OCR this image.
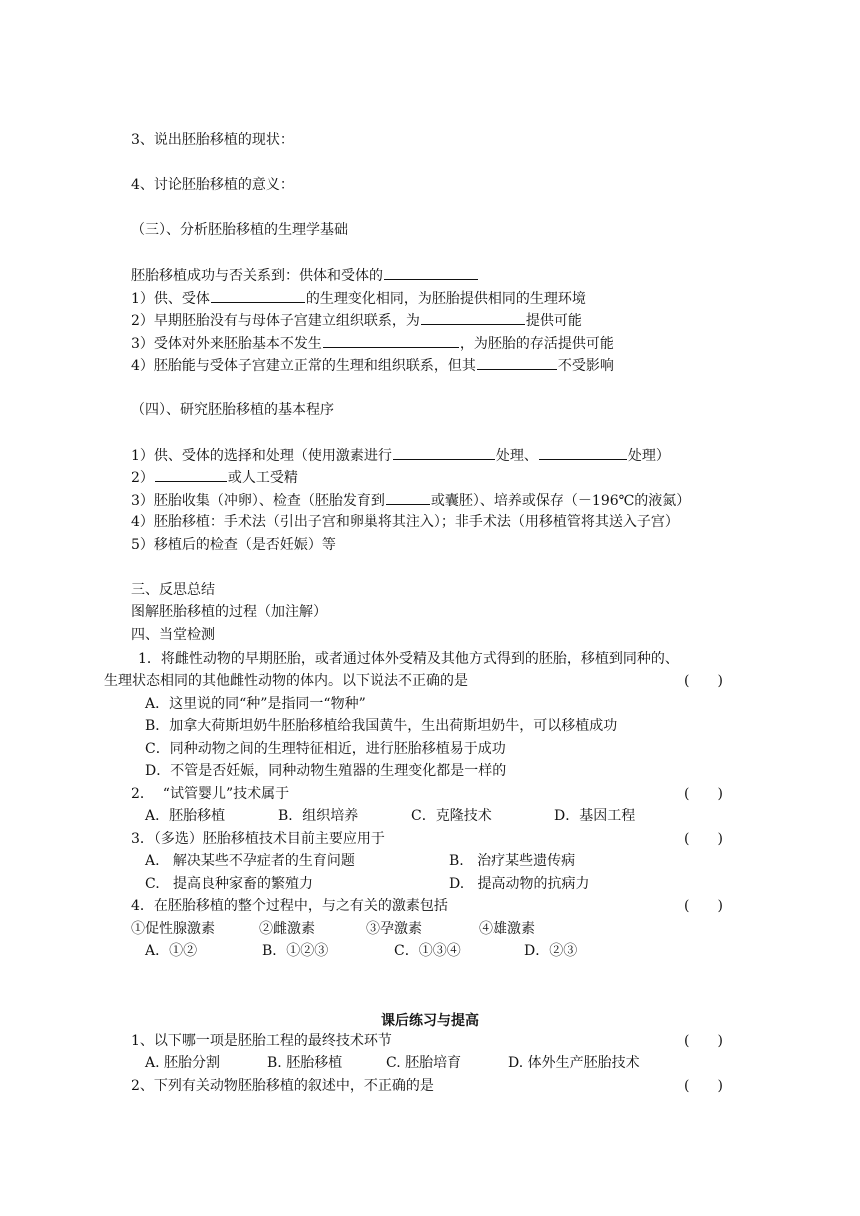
3、说出胚胎移植的现状：
4、讨论胚胎移植的意义：
（三）、分析胚胎移植的生理学基础
胚胎移植成功与否关系到：供体和受体的
1）供、受体	的生理变化相同，为胚胎提供相同的生理环境
2）早期胚胎没有与母体子宫建立组织联系，为	提供可能
3）受体对外来胚胎基本不发生	，为胚胎的存活提供可能
4）胚胎能与受体子宫建立正常的生理和组织联系，但其	不受影响
（四）、研究胚胎移植的基本程序
1）供、受体的选择和处理（使用激素进行	处理、	处理）
2）	或人工受精
3）胚胎收集（冲卵）、检查（胚胎发育到	或囊胚）、培养或保存（－196℃的液氮）
4）胚胎移植：手术法（引出子宫和卵巢将其注入）；非手术法（用移植管将其送入子宫）
5）移植后的检查（是否妊娠）等
三、反思总结
图解胚胎移植的过程（加注解）
四、当堂检测
1．将雌性动物的早期胚胎，或者通过体外受精及其他方式得到的胚胎，移植到同种的、
生理状态相同的其他雌性动物的体内。以下说法不正确的是	(　　)
A．这里说的同“种”是指同一“物种”
B．加拿大荷斯坦奶牛胚胎移植给我国黄牛，生出荷斯坦奶牛，可以移植成功
C．同种动物之间的生理特征相近，进行胚胎移植易于成功
D．不管是否妊娠，同种动物生殖器的生理变化都是一样的
2．  “试管婴儿”技术属于	(　　)
A．胚胎移植	B．组织培养	C．克隆技术	D．基因工程
3．（多选）胚胎移植技术目前主要应用于	(　　)
A.   解决某些不孕症者的生育问题	B.   治疗某些遗传病
C.   提高良种家畜的繁殖力	D.   提高动物的抗病力
4．在胚胎移植的整个过程中，与之有关的激素包括	(　　)
①促性腺激素	②雌激素	③孕激素	④雄激素
A．①②	B．①②③	C．①③④	D．②③
课后练习与提高
1、以下哪一项是胚胎工程的最终技术环节	(　　)
A. 胚胎分割	B. 胚胎移植	C. 胚胎培育	D. 体外生产胚胎技术
2、下列有关动物胚胎移植的叙述中，不正确的是	(　　)
